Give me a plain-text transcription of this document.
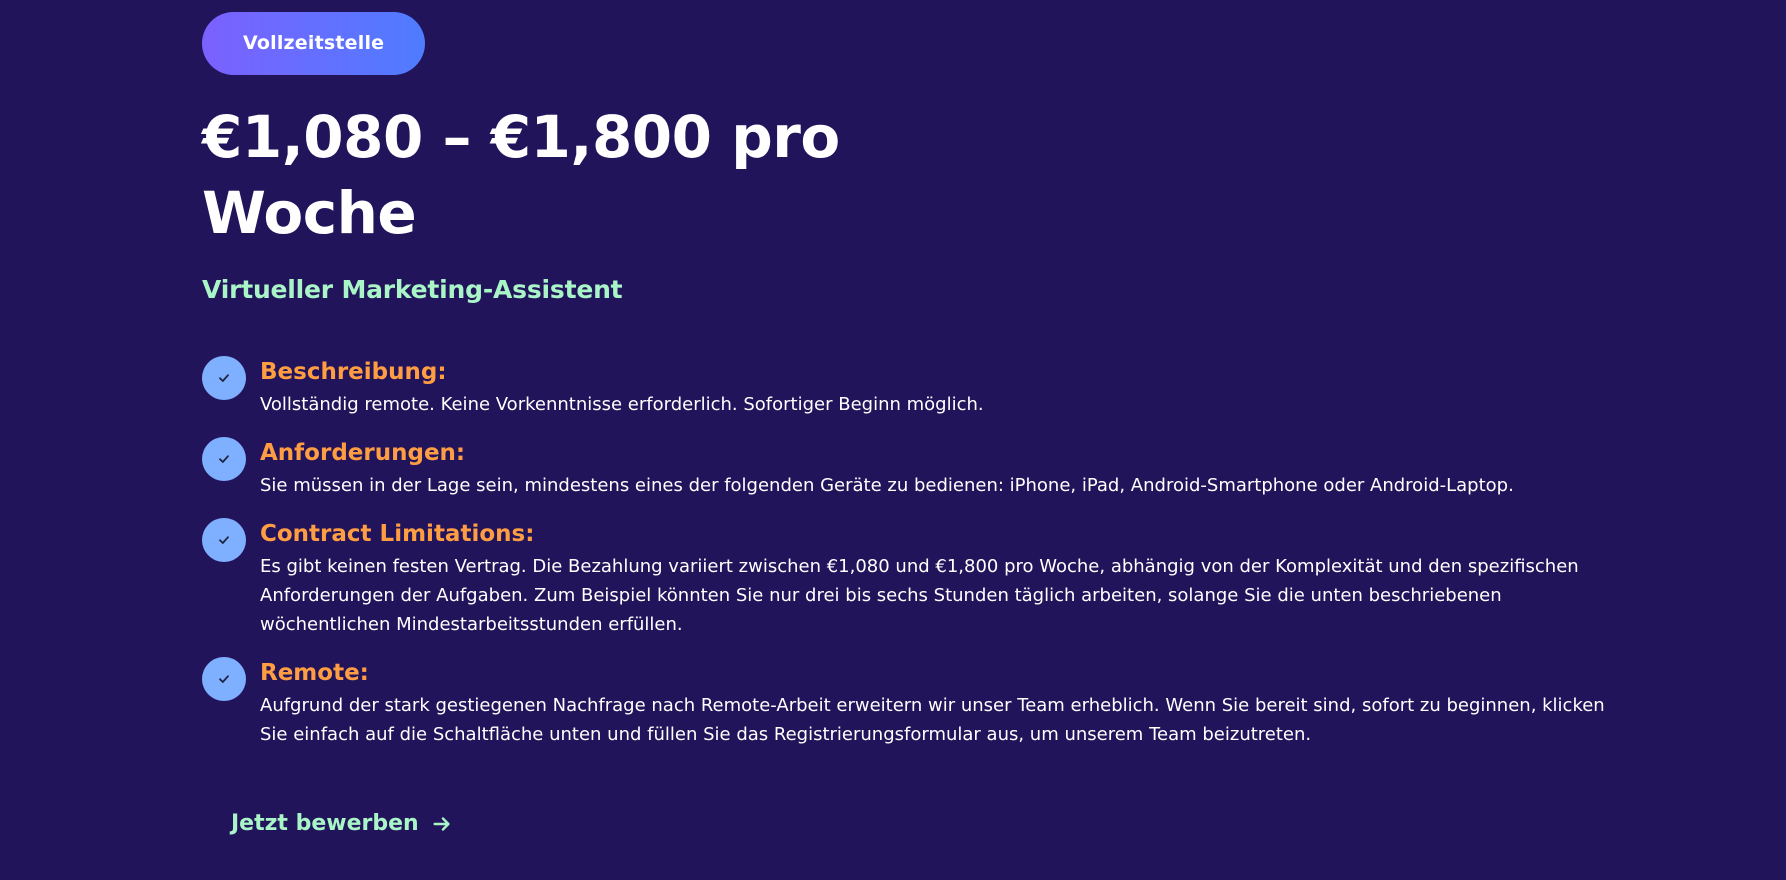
Vollzeitstelle
€1,080 – €1,800 pro Woche
Virtueller Marketing-Assistent
Beschreibung:
Vollständig remote. Keine Vorkenntnisse erforderlich. Sofortiger Beginn möglich.
Anforderungen:
Sie müssen in der Lage sein, mindestens eines der folgenden Geräte zu bedienen: iPhone, iPad, Android-Smartphone oder Android-Laptop.
Contract Limitations:
Es gibt keinen festen Vertrag. Die Bezahlung variiert zwischen €1,080 und €1,800 pro Woche, abhängig von der Komplexität und den spezifischen Anforderungen der Aufgaben. Zum Beispiel könnten Sie nur drei bis sechs Stunden täglich arbeiten, solange Sie die unten beschriebenen wöchentlichen Mindestarbeitsstunden erfüllen.
Remote:
Aufgrund der stark gestiegenen Nachfrage nach Remote-Arbeit erweitern wir unser Team erheblich. Wenn Sie bereit sind, sofort zu beginnen, klicken Sie einfach auf die Schaltfläche unten und füllen Sie das Registrierungsformular aus, um unserem Team beizutreten.
Jetzt bewerben
